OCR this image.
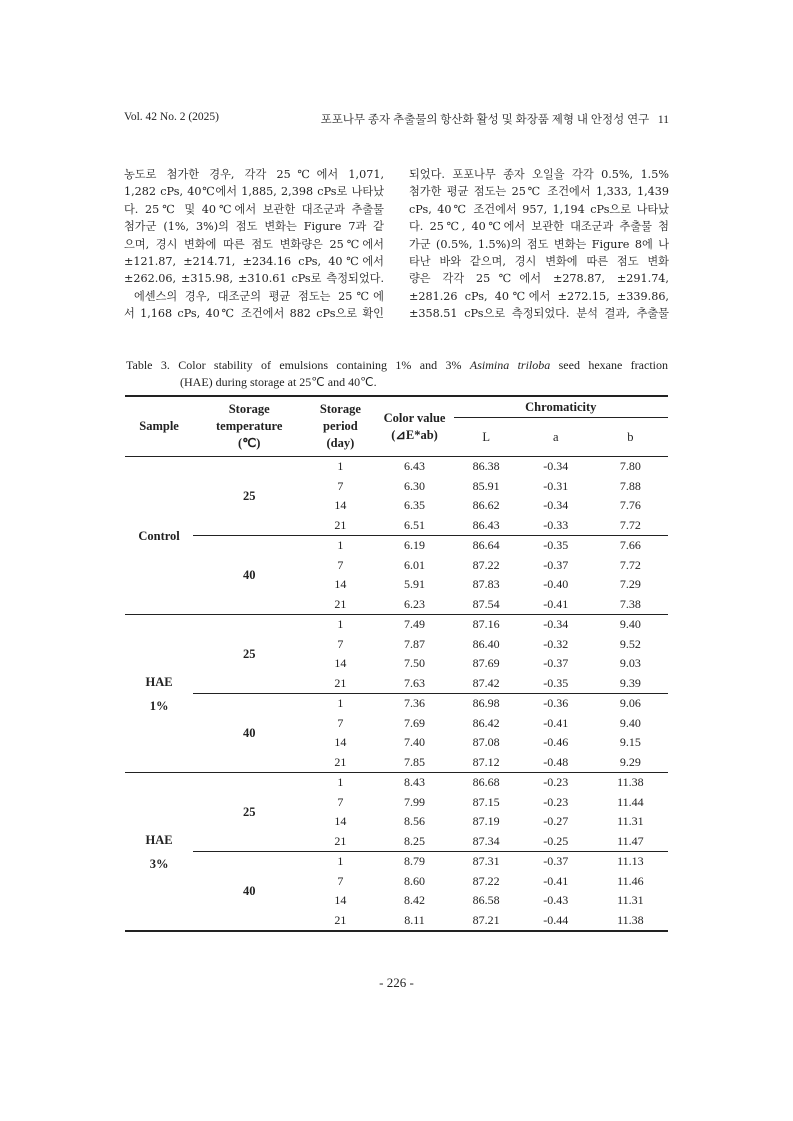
Vol. 42 No. 2 (2025)	포포나무 종자 추출물의 항산화 활성 및 화장품 제형 내 안정성 연구 11

농도로 첨가한 경우, 각각 25℃에서 1,071,

1,282 cPs, 40℃에서 1,885, 2,398 cPs로 나타났

다. 25℃ 및 40℃에서 보관한 대조군과 추출물

첨가군 (1%, 3%)의 점도 변화는 Figure 7과 같

으며, 경시 변화에 따른 점도 변화량은 25℃에서

±121.87, ±214.71, ±234.16 cPs, 40℃에서

±262.06, ±315.98, ±310.61 cPs로 측정되었다.

에센스의 경우, 대조군의 평균 점도는 25℃에

서 1,168 cPs, 40℃ 조건에서 882 cPs으로 확인

되었다. 포포나무 종자 오일을 각각 0.5%, 1.5%

첨가한 평균 점도는 25℃ 조건에서 1,333, 1,439

cPs, 40℃ 조건에서 957, 1,194 cPs으로 나타났

다. 25℃, 40℃에서 보관한 대조군과 추출물 첨

가군 (0.5%, 1.5%)의 점도 변화는 Figure 8에 나

타난 바와 같으며, 경시 변화에 따른 점도 변화

량은 각각 25℃에서 ±278.87, ±291.74,

±281.26 cPs, 40℃에서 ±272.15, ±339.86,

±358.51 cPs으로 측정되었다. 분석 결과, 추출물

Table 3. Color stability of emulsions containing 1% and 3% Asimina triloba seed hexane fraction
(HAE) during storage at 25℃ and 40℃.
Sample	Storage
temperature
(℃)	Storage
period
(day)	Color value
(⊿E*ab)	Chromaticity		
				L	a	b

Control	25	1	6.43	86.38	-0.34	7.80
		7	6.30	85.91	-0.31	7.88
		14	6.35	86.62	-0.34	7.76
		21	6.51	86.43	-0.33	7.72
	40	1	6.19	86.64	-0.35	7.66
		7	6.01	87.22	-0.37	7.72
		14	5.91	87.83	-0.40	7.29
		21	6.23	87.54	-0.41	7.38

HAE
1%	25	1	7.49	87.16	-0.34	9.40
		7	7.87	86.40	-0.32	9.52
		14	7.50	87.69	-0.37	9.03
		21	7.63	87.42	-0.35	9.39
	40	1	7.36	86.98	-0.36	9.06
		7	7.69	86.42	-0.41	9.40
		14	7.40	87.08	-0.46	9.15
		21	7.85	87.12	-0.48	9.29

HAE
3%	25	1	8.43	86.68	-0.23	11.38
		7	7.99	87.15	-0.23	11.44
		14	8.56	87.19	-0.27	11.31
		21	8.25	87.34	-0.25	11.47
	40	1	8.79	87.31	-0.37	11.13
		7	8.60	87.22	-0.41	11.46
		14	8.42	86.58	-0.43	11.31
		21	8.11	87.21	-0.44	11.38
- 226 -
